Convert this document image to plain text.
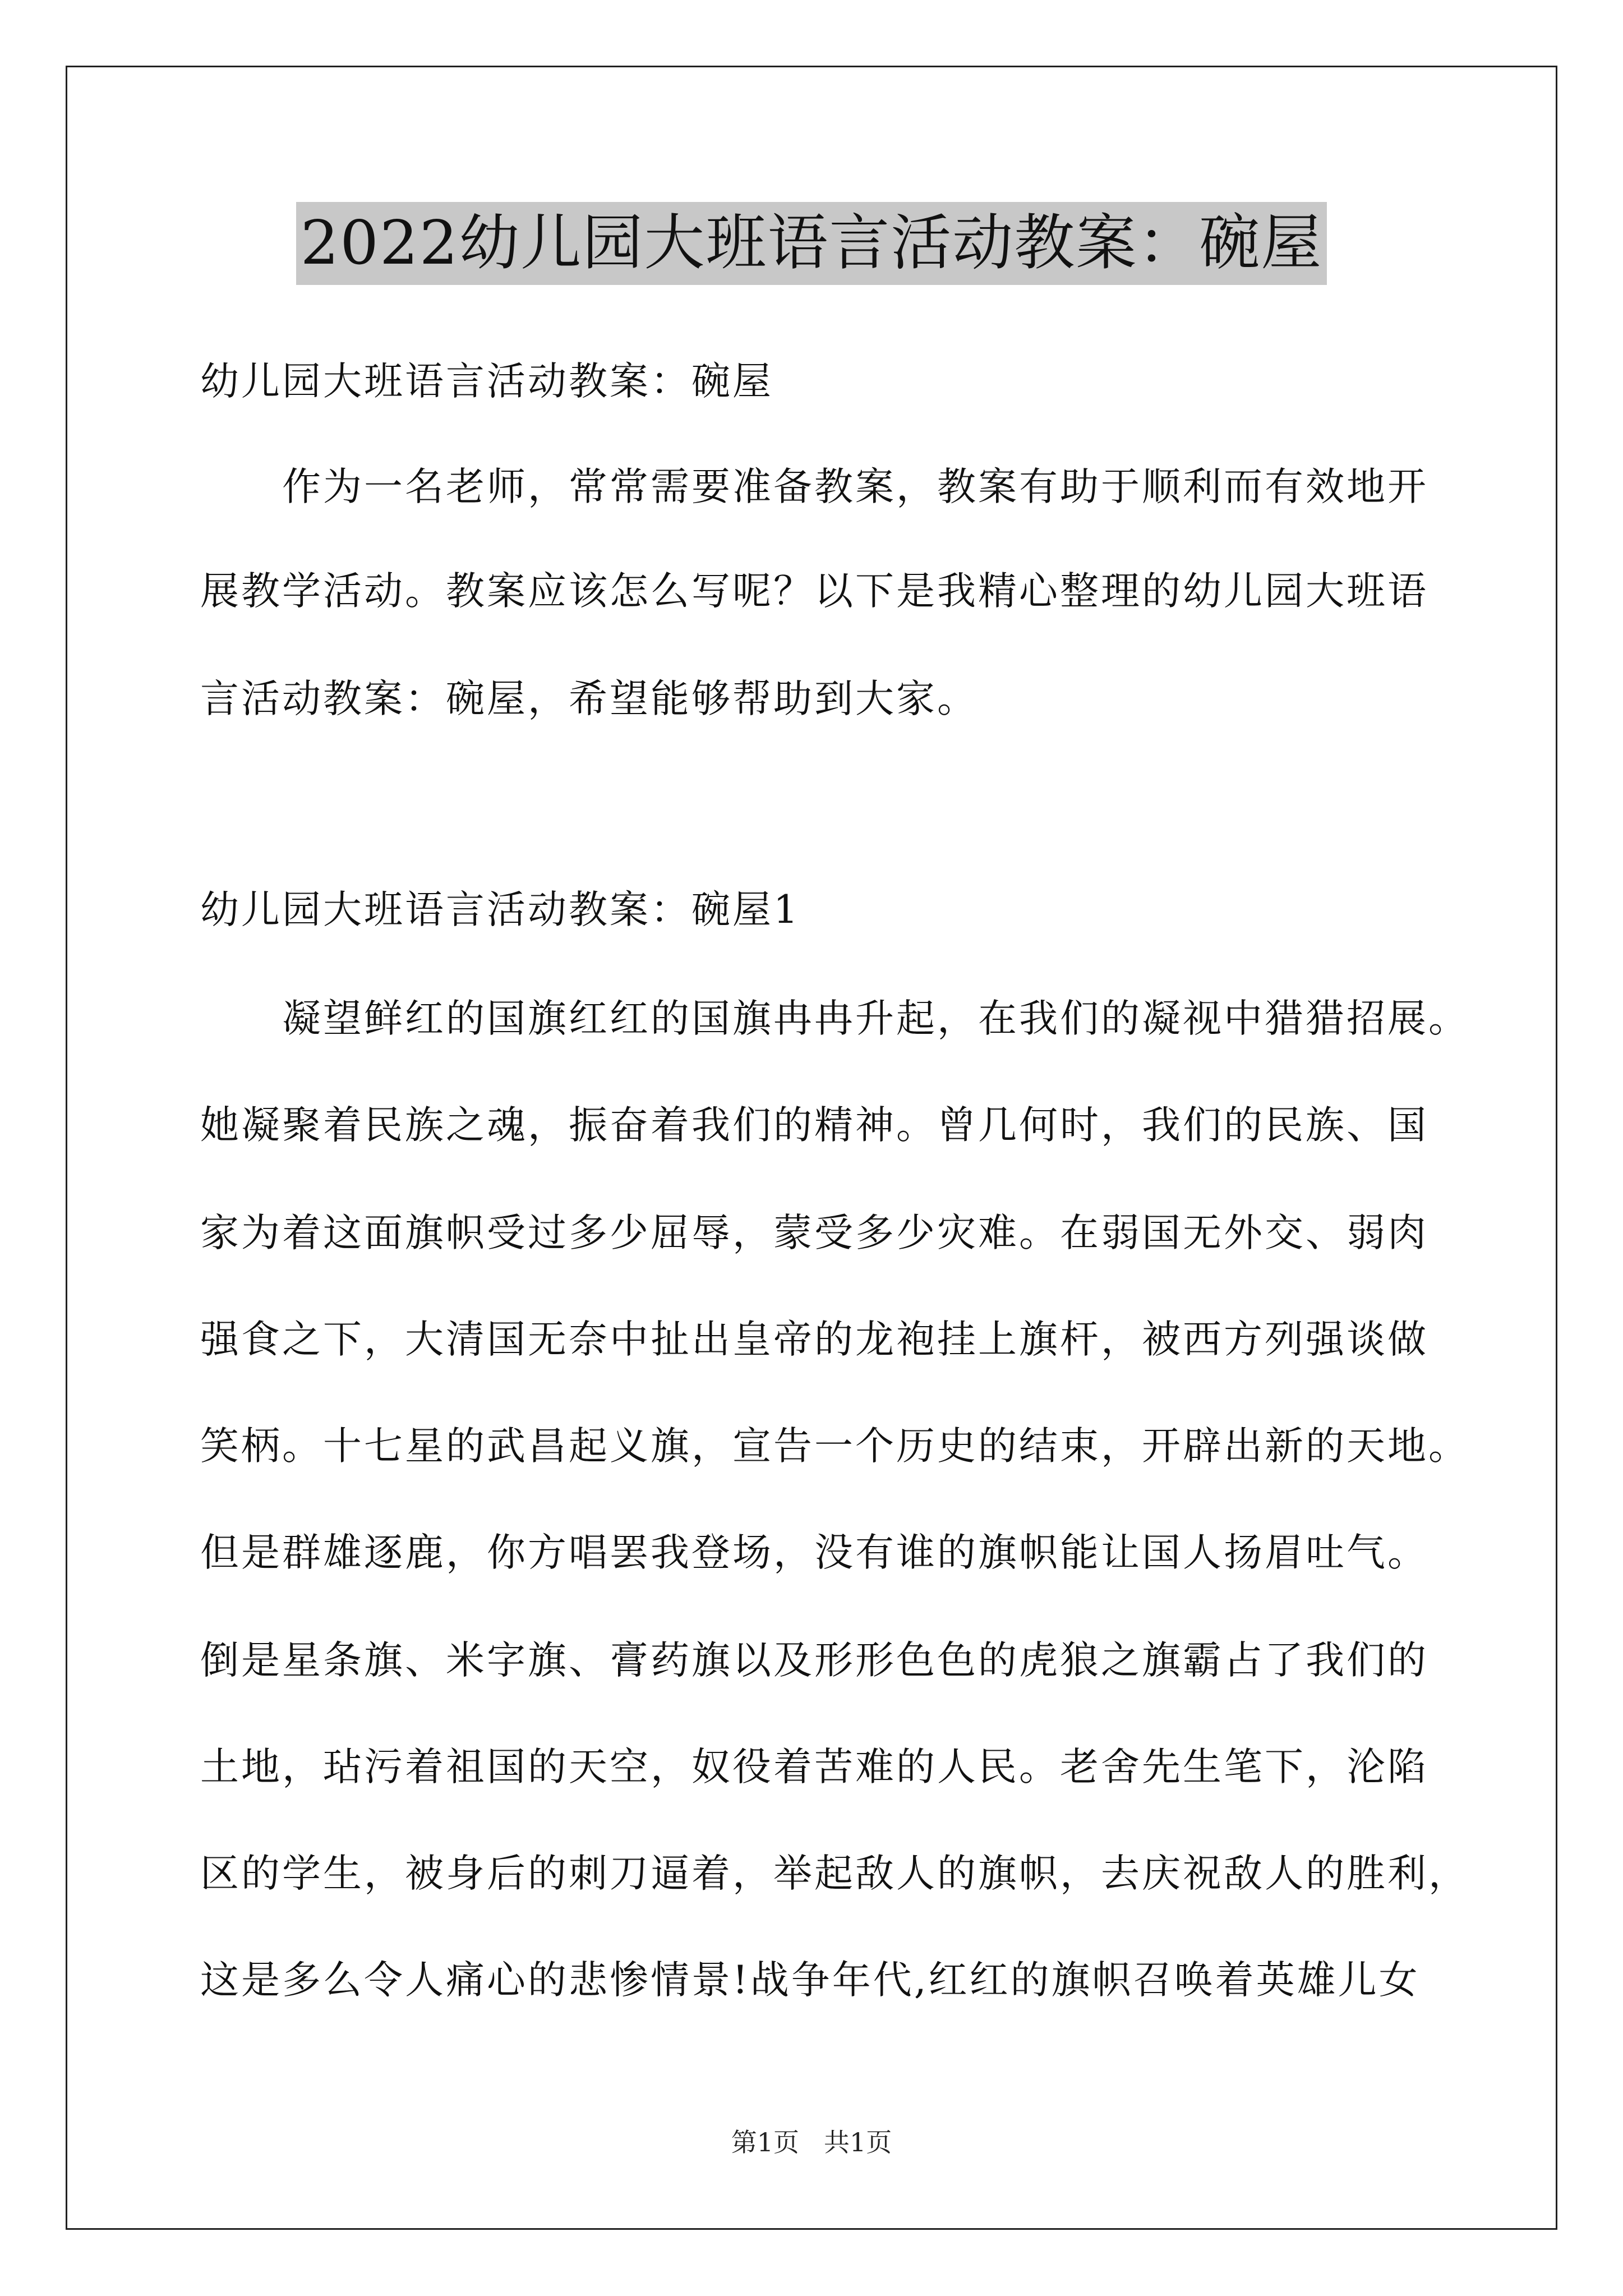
2022幼儿园大班语言活动教案：碗屋
幼儿园大班语言活动教案：碗屋
　　作为一名老师，常常需要准备教案，教案有助于顺利而有效地开
展教学活动。教案应该怎么写呢？以下是我精心整理的幼儿园大班语
言活动教案：碗屋，希望能够帮助到大家。
幼儿园大班语言活动教案：碗屋1
　　凝望鲜红的国旗红红的国旗冉冉升起，在我们的凝视中猎猎招展。
她凝聚着民族之魂，振奋着我们的精神。曾几何时，我们的民族、国
家为着这面旗帜受过多少屈辱，蒙受多少灾难。在弱国无外交、弱肉
强食之下，大清国无奈中扯出皇帝的龙袍挂上旗杆，被西方列强谈做
笑柄。十七星的武昌起义旗，宣告一个历史的结束，开辟出新的天地。
但是群雄逐鹿，你方唱罢我登场，没有谁的旗帜能让国人扬眉吐气。
倒是星条旗、米字旗、膏药旗以及形形色色的虎狼之旗霸占了我们的
土地，玷污着祖国的天空，奴役着苦难的人民。老舍先生笔下，沦陷
区的学生，被身后的刺刀逼着，举起敌人的旗帜，去庆祝敌人的胜利，
这是多么令人痛心的悲惨情景!战争年代,红红的旗帜召唤着英雄儿女
第1页 共1页
